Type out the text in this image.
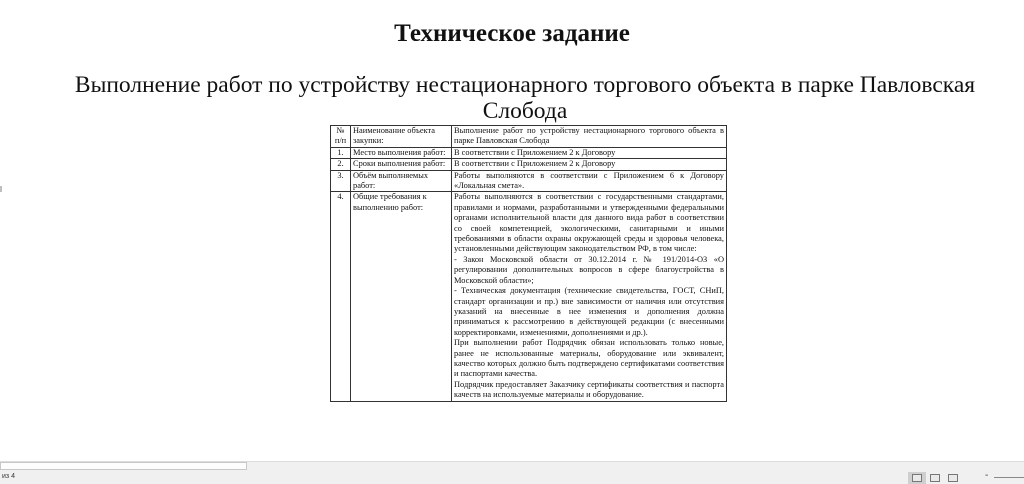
Техническое задание
Выполнение работ по устройству нестационарного торгового объекта в парке Павловская Слобода
№ п/п	Наименование объекта закупки:	Выполнение работ по устройству нестационарного торгового объекта в парке Павловская Слобода
1.	Место выполнения работ:	В соответствии с Приложением 2 к Договору
2.	Сроки выполнения работ:	В соответствии с Приложением 2 к Договору
3.	Объём выполняемых работ:	Работы выполняются в соответствии с Приложением 6 к Договору «Локальная смета».
4.	Общие требования к выполнению работ:	Работы выполняются в соответствии с государственными стандартами, правилами и нормами, разработанными и утвержденными федеральными органами исполнительной власти для данного вида работ в соответствии со своей компетенцией, экологическими, санитарными и иными требованиями в области охраны окружающей среды и здоровья человека, установленными действующим законодательством РФ, в том числе:
- Закон Московской области от 30.12.2014 г. № 191/2014-ОЗ «О регулировании дополнительных вопросов в сфере благоустройства в Московской области»;
- Техническая документация (технические свидетельства, ГОСТ, СНиП, стандарт организации и пр.) вне зависимости от наличия или отсутствия указаний на внесенные в нее изменения и дополнения должна приниматься к рассмотрению в действующей редакции (с внесенными корректировками, изменениями, дополнениями и др.).
При выполнении работ Подрядчик обязан использовать только новые, ранее не использованные материалы, оборудование или эквивалент, качество которых должно быть подтверждено сертификатами соответствия и паспортами качества.
Подрядчик предоставляет Заказчику сертификаты соответствия и паспорта качеств на используемые материалы и оборудование.
из 4	-
